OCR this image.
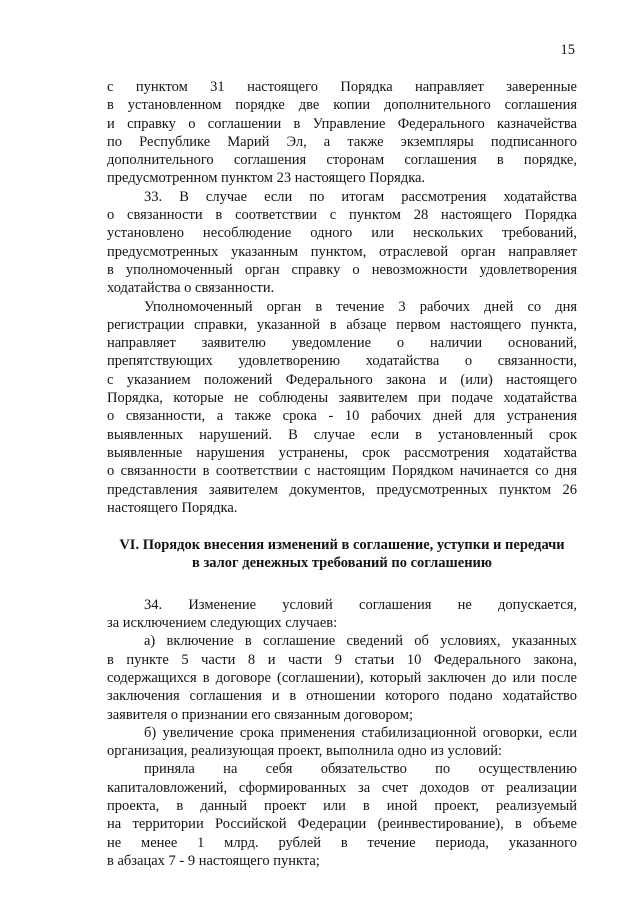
15
с пунктом 31 настоящего Порядка направляет заверенные
в установленном порядке две копии дополнительного соглашения
и справку о соглашении в Управление Федерального казначейства
по Республике Марий Эл, а также экземпляры подписанного
дополнительного соглашения сторонам соглашения в порядке,
предусмотренном пунктом 23 настоящего Порядка.
33. В случае если по итогам рассмотрения ходатайства
о связанности в соответствии с пунктом 28 настоящего Порядка
установлено несоблюдение одного или нескольких требований,
предусмотренных указанным пунктом, отраслевой орган направляет
в уполномоченный орган справку о невозможности удовлетворения
ходатайства о связанности.
Уполномоченный орган в течение 3 рабочих дней со дня
регистрации справки, указанной в абзаце первом настоящего пункта,
направляет заявителю уведомление о наличии оснований,
препятствующих удовлетворению ходатайства о связанности,
с указанием положений Федерального закона и (или) настоящего
Порядка, которые не соблюдены заявителем при подаче ходатайства
о связанности, а также срока - 10 рабочих дней для устранения
выявленных нарушений. В случае если в установленный срок
выявленные нарушения устранены, срок рассмотрения ходатайства
о связанности в соответствии с настоящим Порядком начинается со дня
представления заявителем документов, предусмотренных пунктом 26
настоящего Порядка.
VI. Порядок внесения изменений в соглашение, уступки и передачи
в залог денежных требований по соглашению
34. Изменение условий соглашения не допускается,
за исключением следующих случаев:
а) включение в соглашение сведений об условиях, указанных
в пункте 5 части 8 и части 9 статьи 10 Федерального закона,
содержащихся в договоре (соглашении), который заключен до или после
заключения соглашения и в отношении которого подано ходатайство
заявителя о признании его связанным договором;
б) увеличение срока применения стабилизационной оговорки, если
организация, реализующая проект, выполнила одно из условий:
приняла на себя обязательство по осуществлению
капиталовложений, сформированных за счет доходов от реализации
проекта, в данный проект или в иной проект, реализуемый
на территории Российской Федерации (реинвестирование), в объеме
не менее 1 млрд. рублей в течение периода, указанного
в абзацах 7 - 9 настоящего пункта;
